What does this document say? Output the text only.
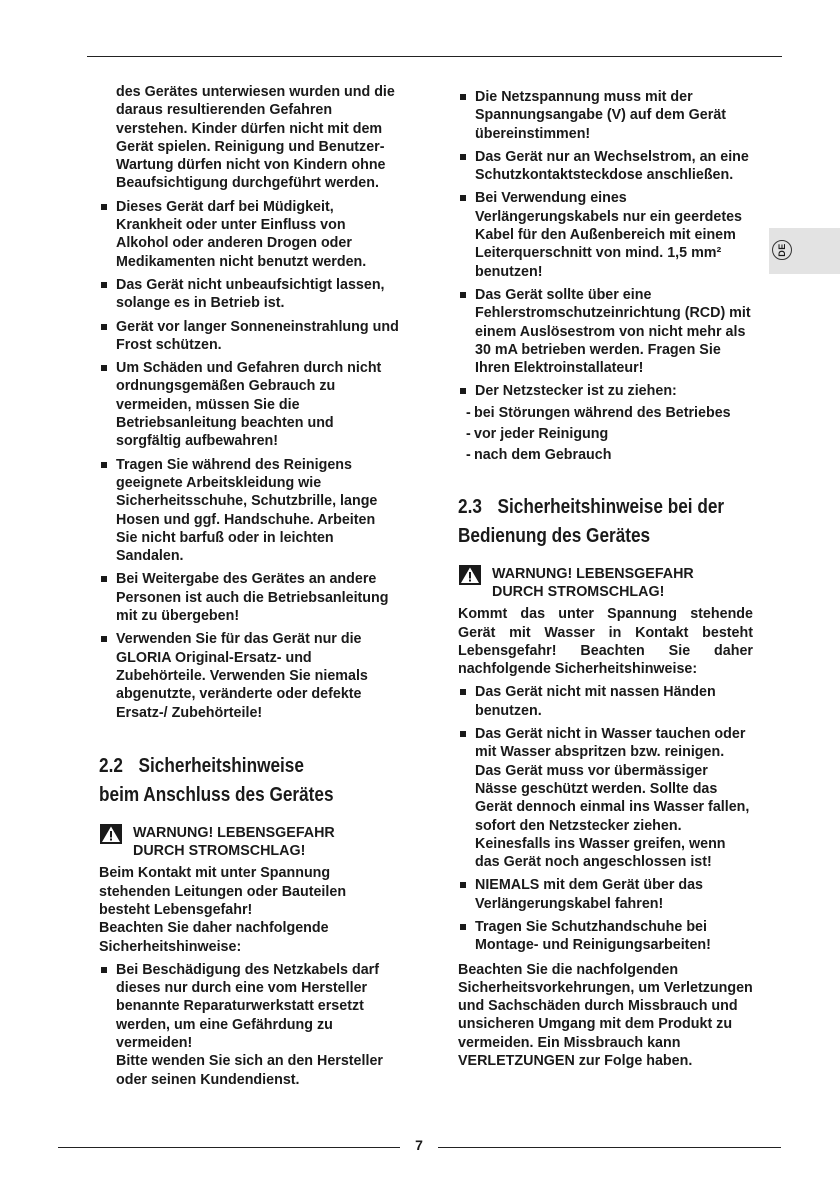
DE

des Gerätes unterwiesen wurden und die daraus resultierenden Gefahren verstehen. Kinder dürfen nicht mit dem Gerät spielen. Reinigung und Benutzer-Wartung dürfen nicht von Kindern ohne Beaufsichtigung durchgeführt werden.

Dieses Gerät darf bei Müdigkeit, Krankheit oder unter Einfluss von Alkohol oder anderen Drogen oder Medikamenten nicht benutzt werden.
Das Gerät nicht unbeaufsichtigt lassen, solange es in Betrieb ist.
Gerät vor langer Sonneneinstrahlung und Frost schützen.
Um Schäden und Gefahren durch nicht ordnungsgemäßen Gebrauch zu vermeiden, müssen Sie die Betriebsanleitung beachten und sorgfältig aufbewahren!
Tragen Sie während des Reinigens geeignete Arbeitskleidung wie Sicherheitsschuhe, Schutzbrille, lange Hosen und ggf. Handschuhe. Arbeiten Sie nicht barfuß oder in leichten Sandalen.
Bei Weitergabe des Gerätes an andere Personen ist auch die Betriebsanleitung mit zu übergeben!
Verwenden Sie für das Gerät nur die GLORIA Original-Ersatz- und Zubehörteile. Verwenden Sie niemals abgenutzte, veränderte oder defekte Ersatz-/ Zubehörteile!
2.2 Sicherheitshinweise
beim Anschluss des Gerätes

WARNUNG! LEBENSGEFAHR

DURCH STROMSCHLAG!

Beim Kontakt mit unter Spannung stehenden Leitungen oder Bauteilen besteht Lebensgefahr!

Beachten Sie daher nachfolgende Sicherheitshinweise:

Bei Beschädigung des Netzkabels darf dieses nur durch eine vom Hersteller benannte Reparaturwerkstatt ersetzt werden, um eine Gefährdung zu vermeiden!
Bitte wenden Sie sich an den Hersteller oder seinen Kundendienst.
Die Netzspannung muss mit der Spannungsangabe (V) auf dem Gerät übereinstimmen!
Das Gerät nur an Wechselstrom, an eine Schutzkontaktsteckdose anschließen.
Bei Verwendung eines Verlängerungskabels nur ein geerdetes Kabel für den Außenbereich mit einem Leiterquerschnitt von mind. 1,5 mm² benutzen!
Das Gerät sollte über eine Fehlerstromschutzeinrichtung (RCD) mit einem Auslösestrom von nicht mehr als 30 mA betrieben werden. Fragen Sie Ihren Elektroinstallateur!
Der Netzstecker ist zu ziehen:
- bei Störungen während des Betriebes
- vor jeder Reinigung
- nach dem Gebrauch
2.3 Sicherheitshinweise bei der
Bedienung des Gerätes

WARNUNG! LEBENSGEFAHR

DURCH STROMSCHLAG!

Kommt das unter Spannung stehende Gerät mit Wasser in Kontakt besteht Lebensgefahr! Beachten Sie daher nachfolgende Sicherheitshinweise:

Das Gerät nicht mit nassen Händen benutzen.
Das Gerät nicht in Wasser tauchen oder mit Wasser abspritzen bzw. reinigen. Das Gerät muss vor übermässiger Nässe geschützt werden. Sollte das Gerät dennoch einmal ins Wasser fallen, sofort den Netzstecker ziehen. Keinesfalls ins Wasser greifen, wenn das Gerät noch angeschlossen ist!
NIEMALS mit dem Gerät über das Verlängerungskabel fahren!
Tragen Sie Schutzhandschuhe bei Montage- und Reinigungsarbeiten!

Beachten Sie die nachfolgenden Sicherheitsvorkehrungen, um Verletzungen und Sachschäden durch Missbrauch und unsicheren Umgang mit dem Produkt zu vermeiden. Ein Missbrauch kann VERLETZUNGEN zur Folge haben.

7
